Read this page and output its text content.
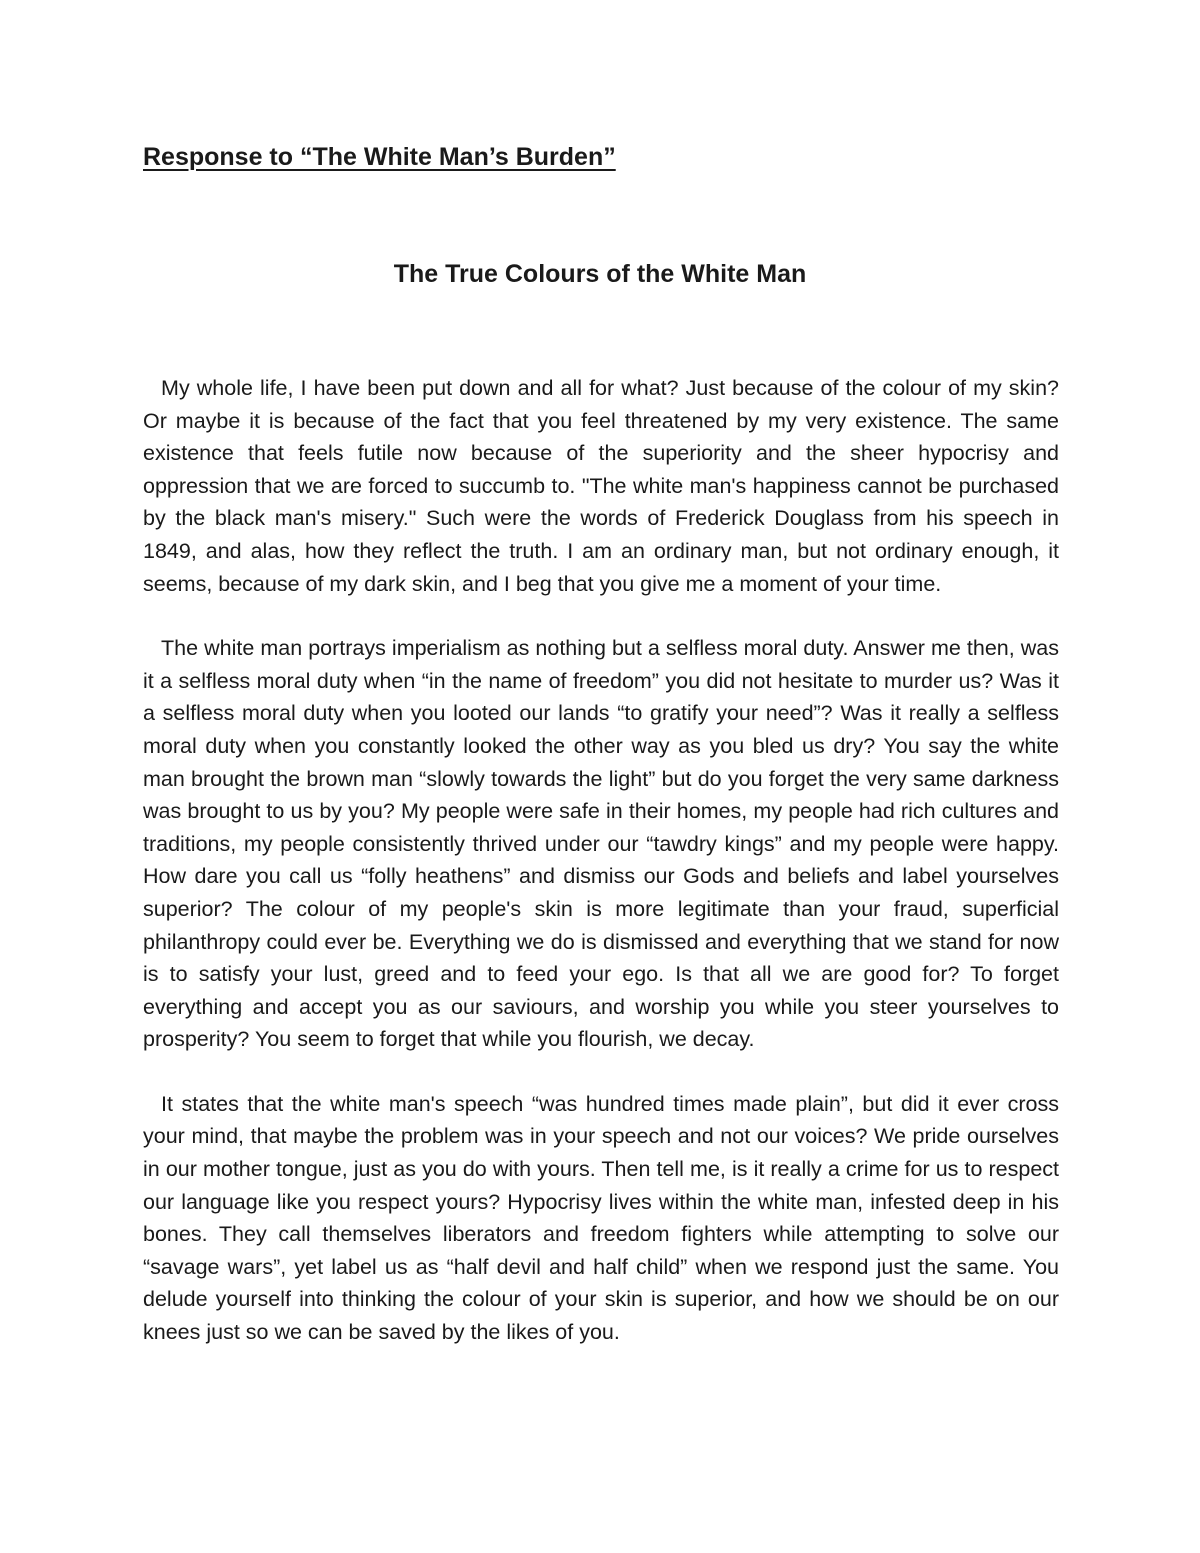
Response to “The White Man’s Burden”
The True Colours of the White Man

My whole life, I have been put down and all for what? Just because of the colour of my skin? Or maybe it is because of the fact that you feel threatened by my very existence. The same existence that feels futile now because of the superiority and the sheer hypocrisy and oppression that we are forced to succumb to. "The white man's happiness cannot be purchased by the black man's misery." Such were the words of Frederick Douglass from his speech in 1849, and alas, how they reflect the truth. I am an ordinary man, but not ordinary enough, it seems, because of my dark skin, and I beg that you give me a moment of your time.

The white man portrays imperialism as nothing but a selfless moral duty. Answer me then, was it a selfless moral duty when “in the name of freedom” you did not hesitate to murder us? Was it a selfless moral duty when you looted our lands “to gratify your need”? Was it really a selfless moral duty when you constantly looked the other way as you bled us dry? You say the white man brought the brown man “slowly towards the light” but do you forget the very same darkness was brought to us by you? My people were safe in their homes, my people had rich cultures and traditions, my people consistently thrived under our “tawdry kings” and my people were happy. How dare you call us “folly heathens” and dismiss our Gods and beliefs and label yourselves superior? The colour of my people's skin is more legitimate than your fraud, superficial philanthropy could ever be. Everything we do is dismissed and everything that we stand for now is to satisfy your lust, greed and to feed your ego. Is that all we are good for? To forget everything and accept you as our saviours, and worship you while you steer yourselves to prosperity? You seem to forget that while you flourish, we decay.

It states that the white man's speech “was hundred times made plain”, but did it ever cross your mind, that maybe the problem was in your speech and not our voices? We pride ourselves in our mother tongue, just as you do with yours. Then tell me, is it really a crime for us to respect our language like you respect yours? Hypocrisy lives within the white man, infested deep in his bones. They call themselves liberators and freedom fighters while attempting to solve our “savage wars”, yet label us as “half devil and half child” when we respond just the same. You delude yourself into thinking the colour of your skin is superior, and how we should be on our knees just so we can be saved by the likes of you.
